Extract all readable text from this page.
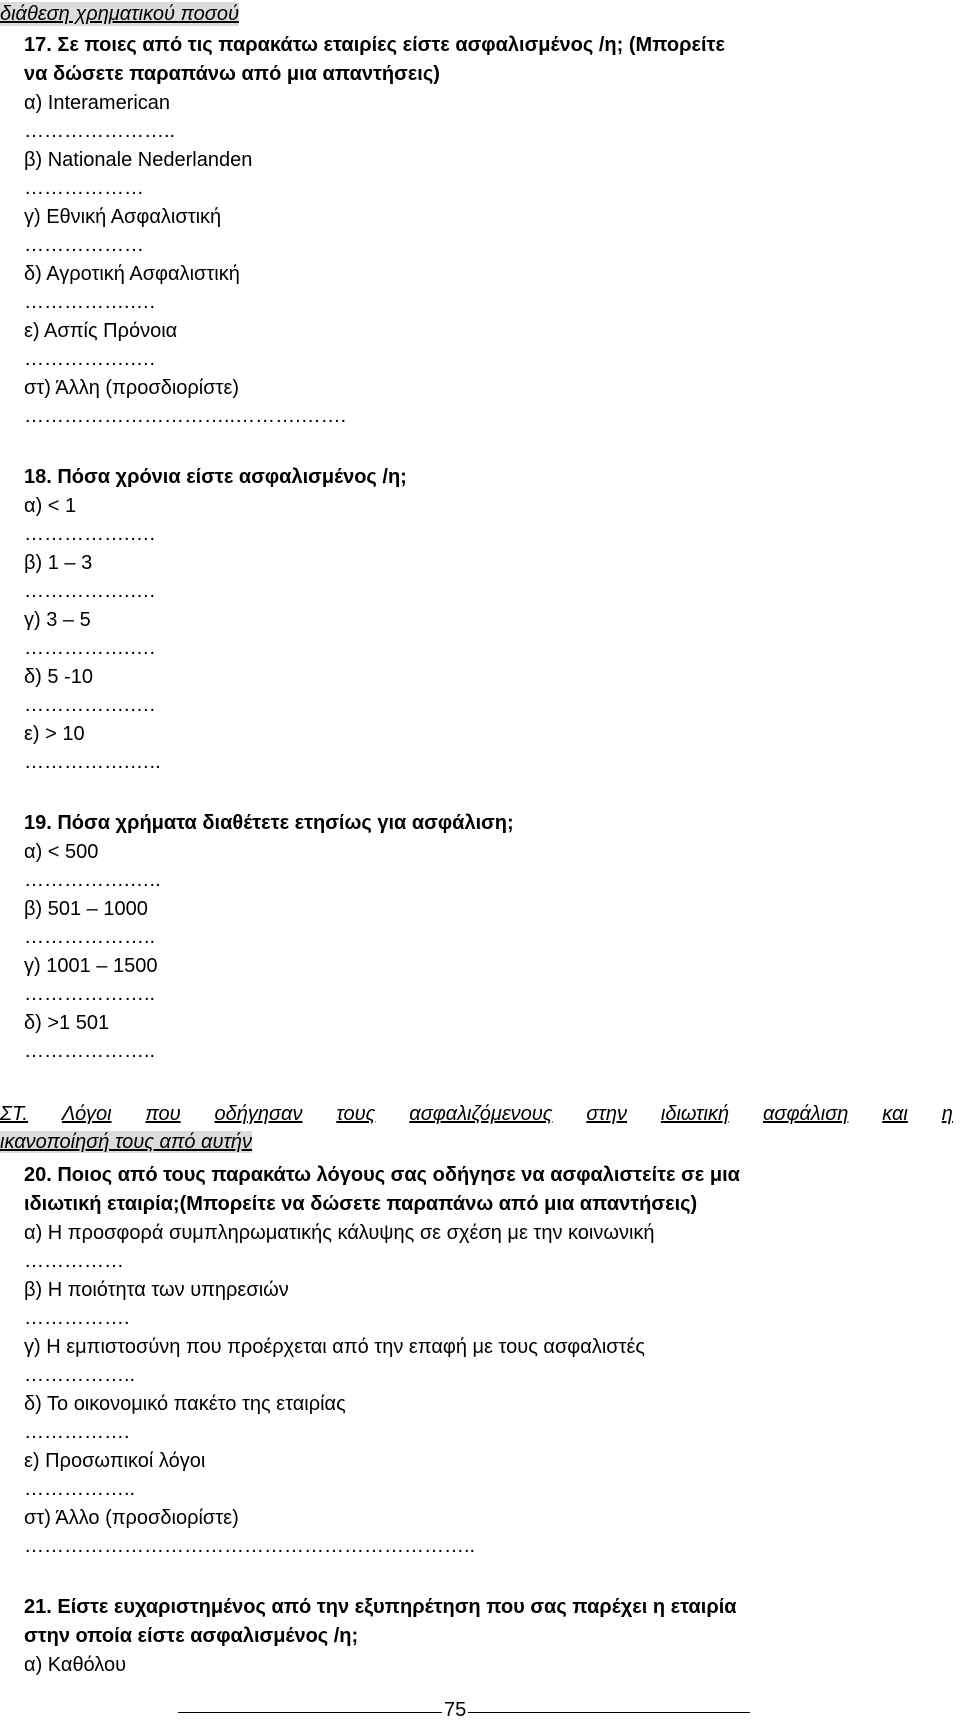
διάθεση χρηματικού ποσού
17. Σε ποιες από τις παρακάτω εταιρίες είστε ασφαλισμένος /η; (Μπορείτε
να δώσετε παραπάνω από μια απαντήσεις)
α) Interamerican
…………………..
β) Nationale Nederlanden
………………
γ) Εθνική Ασφαλιστική
………………
δ) Αγροτική Ασφαλιστική
…………….….
ε) Ασπίς Πρόνοια
…………….….
στ) Άλλη (προσδιορίστε)
…………………………..……….…….
18. Πόσα χρόνια είστε ασφαλισμένος /η;
α) < 1
…………….….
β) 1 – 3
…………….….
γ) 3 – 5
…………….….
δ) 5 -10
…………….….
ε) > 10
…………….…..
19. Πόσα χρήματα διαθέτετε ετησίως για ασφάλιση;
α) < 500
…………….…..
β) 501 – 1000
………………..
γ) 1001 – 1500
………………..
δ) >1 501
………………..
ΣΤ. Λόγοι που οδήγησαν τους ασφαλιζόμενους στην ιδιωτική ασφάλιση και η
ικανοποίησή τους από αυτήν
20. Ποιος από τους παρακάτω λόγους σας οδήγησε να ασφαλιστείτε σε μια
ιδιωτική εταιρία;(Μπορείτε να δώσετε παραπάνω από μια απαντήσεις)
α) Η προσφορά συμπληρωματικής κάλυψης σε σχέση με την κοινωνική
……………
β) Η ποιότητα των υπηρεσιών
…………….
γ) Η εμπιστοσύνη που προέρχεται από την επαφή με τους ασφαλιστές
……………..
δ) Το οικονομικό πακέτο της εταιρίας
…………….
ε) Προσωπικοί λόγοι
……………..
στ) Άλλο (προσδιορίστε)
…………………………………………………………..
21. Είστε ευχαριστημένος από την εξυπηρέτηση που σας παρέχει η εταιρία
στην οποία είστε ασφαλισμένος /η;
α) Καθόλου
75
